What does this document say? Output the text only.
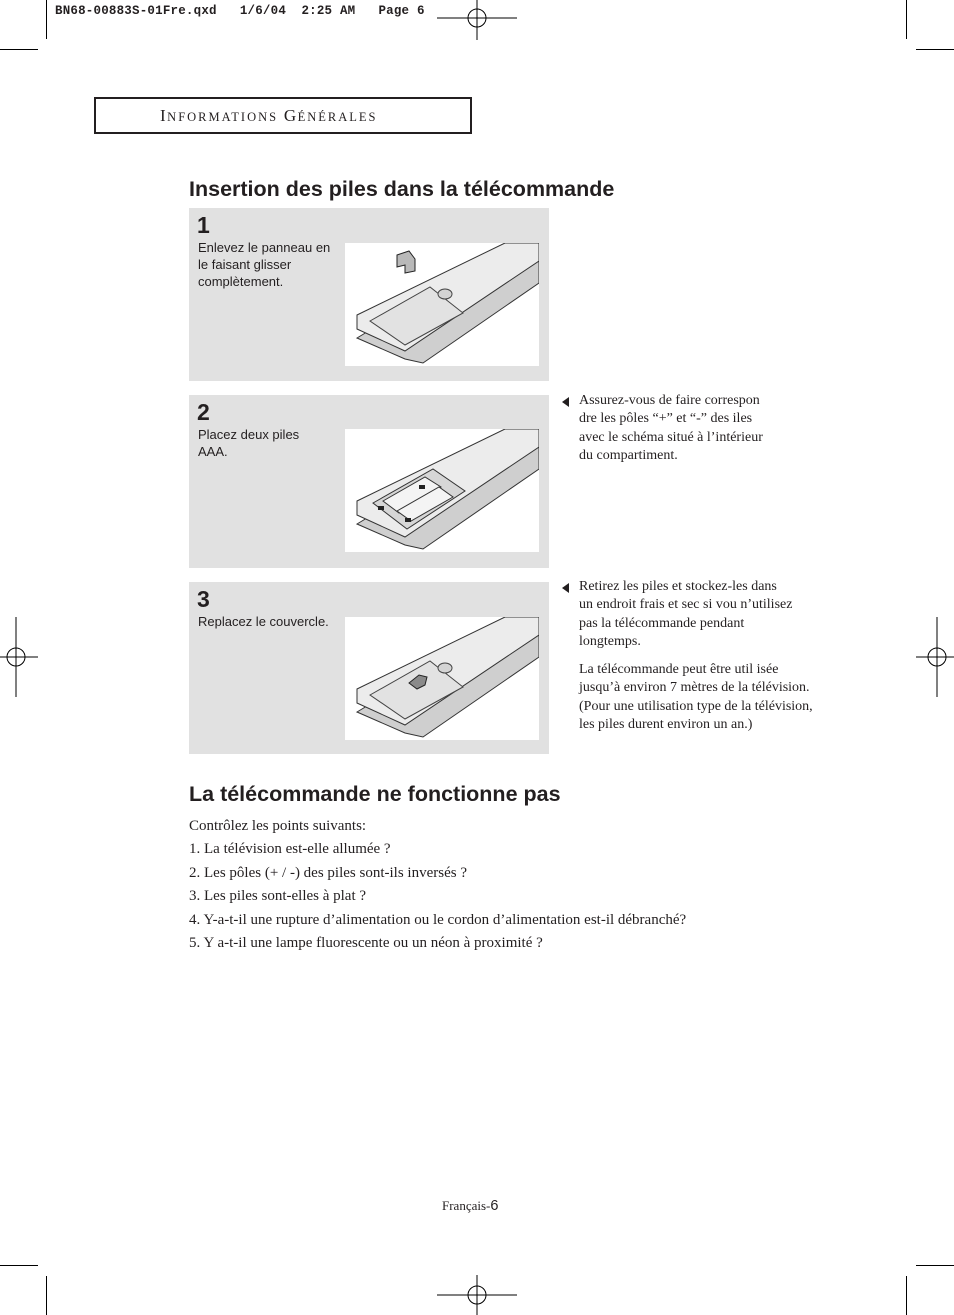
BN68-00883S-01Fre.qxd   1/6/04  2:25 AM   Page 6
INFORMATIONS GÉNÉRALES
Insertion des piles dans la télécommande
1
Enlevez le panneau en
le faisant glisser
complètement.
2
Placez deux piles
AAA.
3
Replacez le couvercle.
Assurez-vous de faire correspon
dre les pôles “+” et “-” des iles
avec le schéma situé à l’intérieur
du compartiment.
Retirez les piles et stockez-les dans
un endroit frais et sec si vou n’utilisez
pas la télécommande pendant
longtemps.
La télécommande peut être util isée
jusqu’à environ 7 mètres de la télévision.
(Pour une utilisation type de la télévision,
les piles durent environ un an.)
La télécommande ne fonctionne pas
Contrôlez les points suivants:
1. La télévision est-elle allumée ?
2. Les pôles (+ / -) des piles sont-ils inversés ?
3. Les piles sont-elles à plat ?
4. Y-a-t-il une rupture d’alimentation ou le cordon d’alimentation est-il débranché?
5. Y a-t-il une lampe fluorescente ou un néon à proximité ?
Français-6
